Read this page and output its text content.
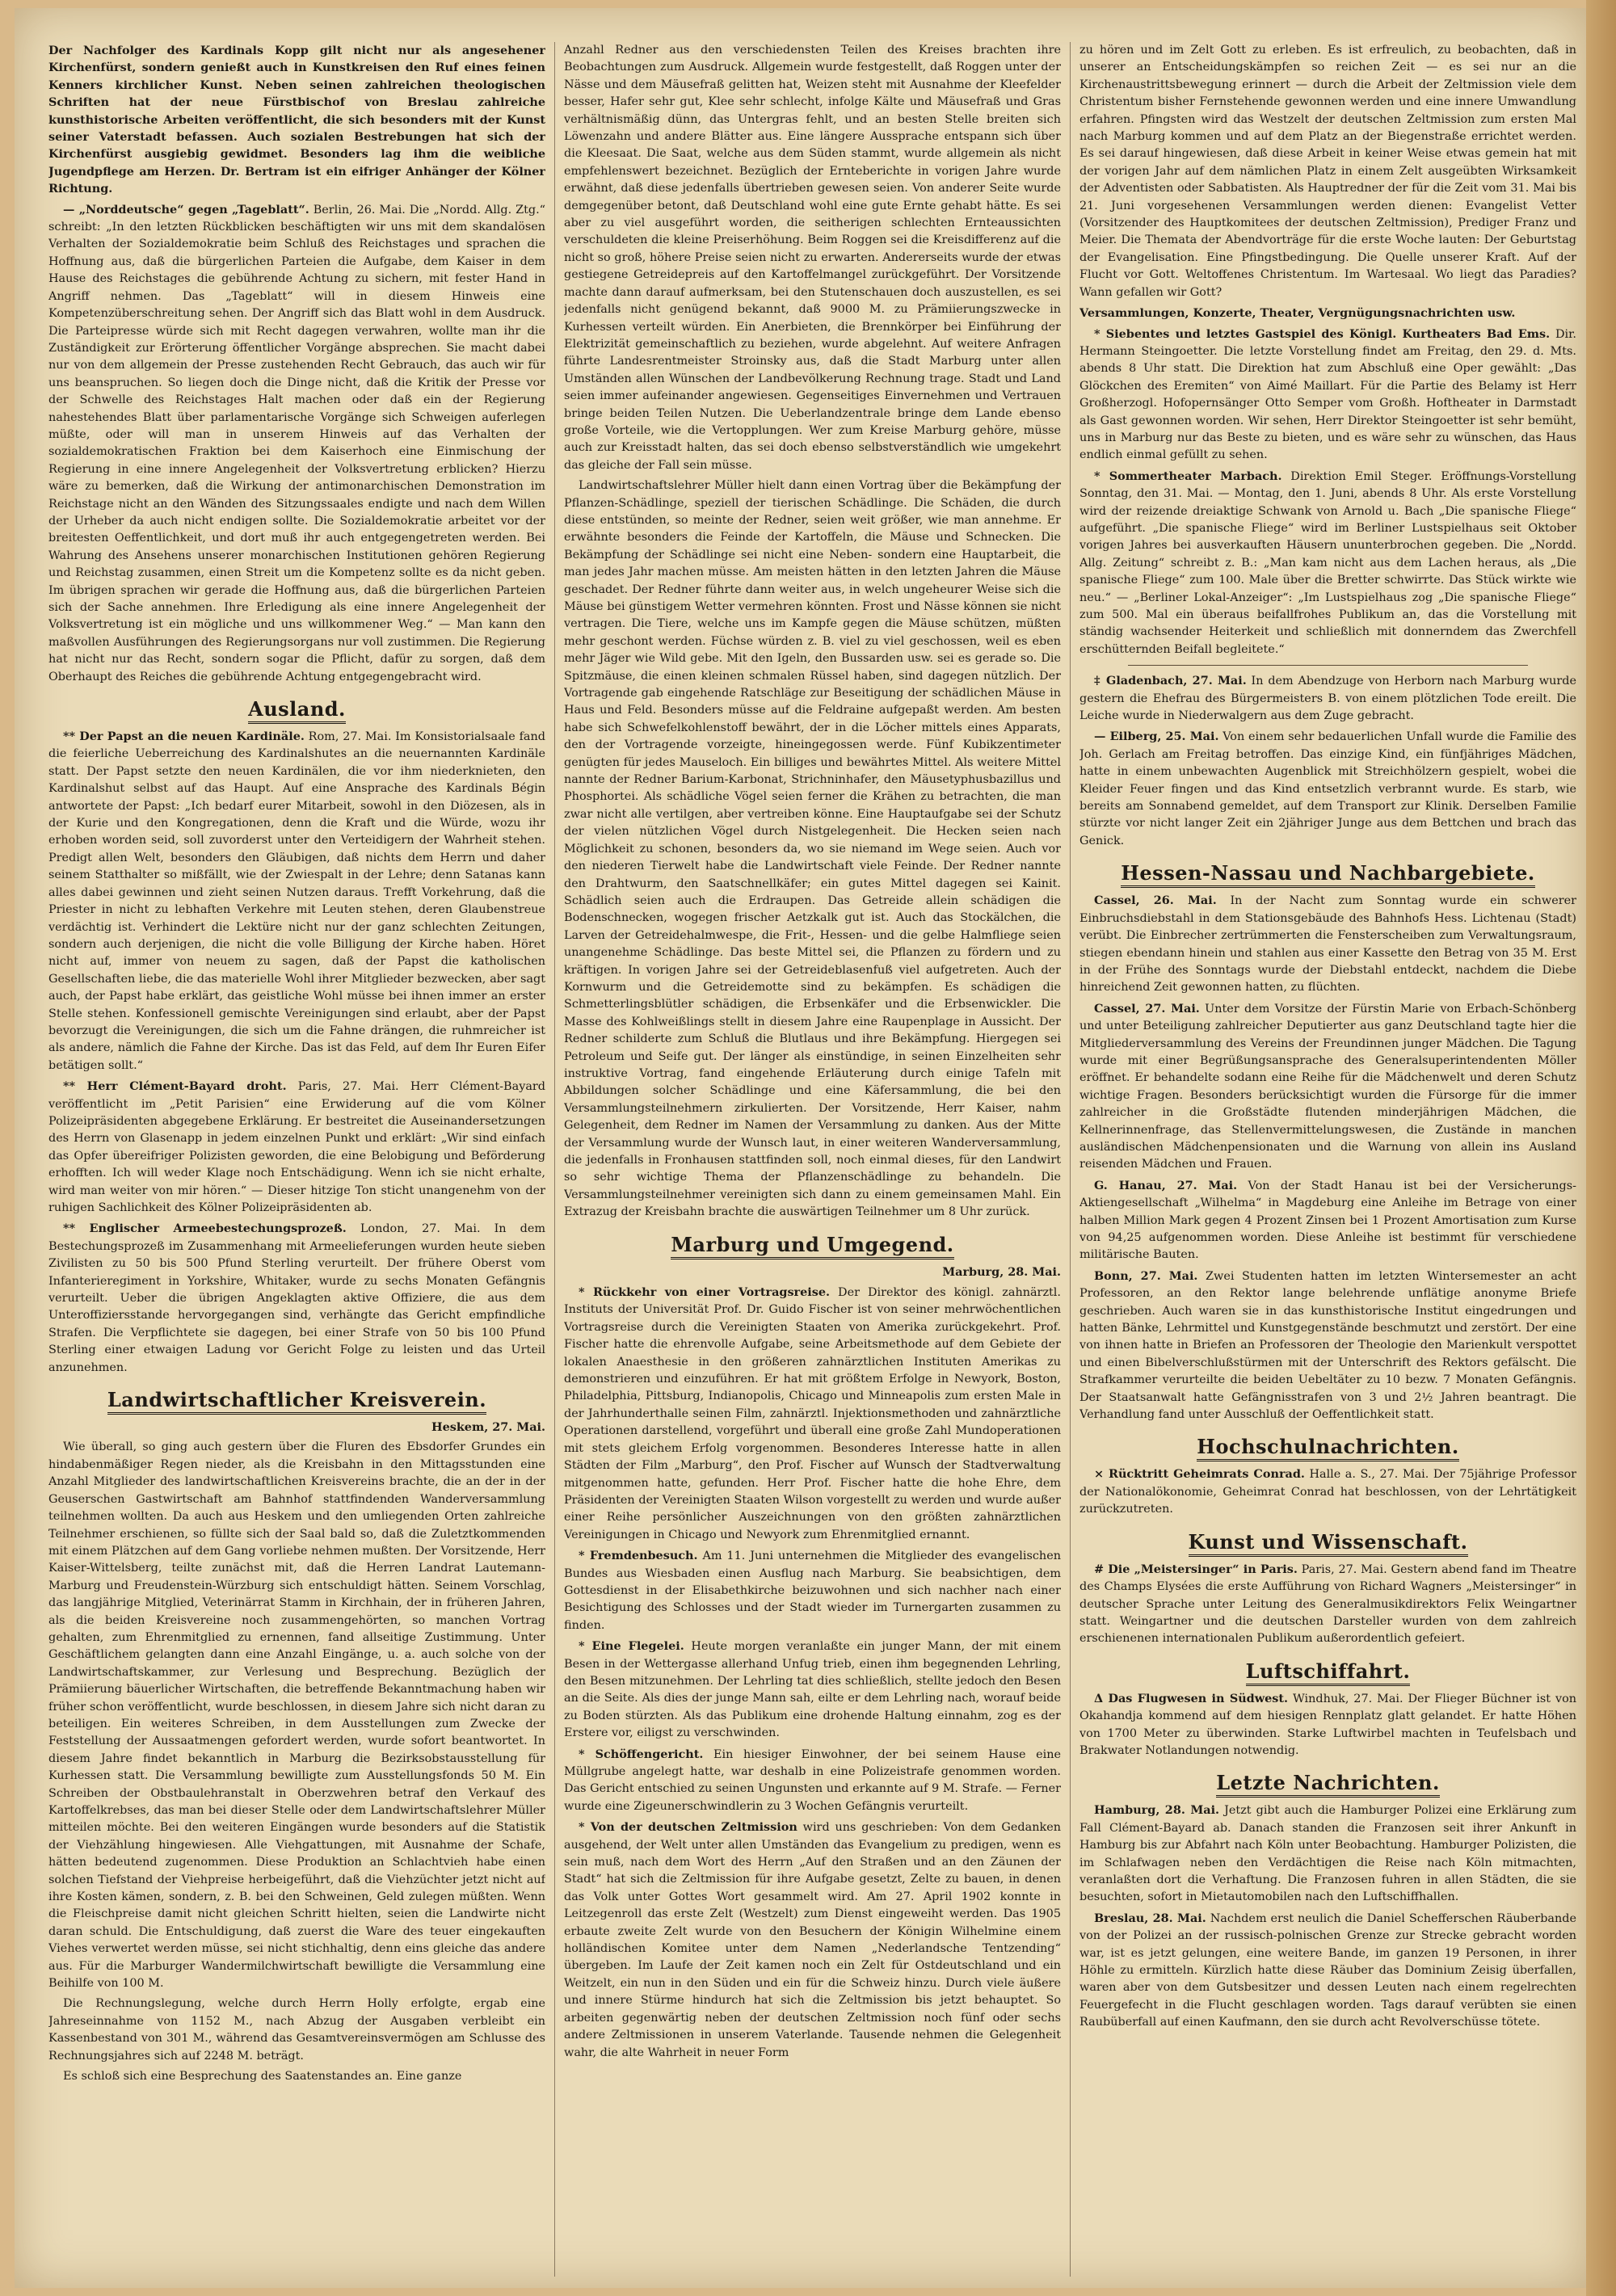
Der Nachfolger des Kardinals Kopp gilt nicht nur als angesehener Kirchenfürst, sondern genießt auch in Kunstkreisen den Ruf eines feinen Kenners kirchlicher Kunst. Neben seinen zahlreichen theologischen Schriften hat der neue Fürstbischof von Breslau zahlreiche kunsthistorische Arbeiten veröffentlicht, die sich besonders mit der Kunst seiner Vaterstadt befassen. Auch sozialen Bestrebungen hat sich der Kirchenfürst ausgiebig gewidmet. Besonders lag ihm die weibliche Jugendpflege am Herzen. Dr. Bertram ist ein eifriger Anhänger der Kölner Richtung.

— „Norddeutsche“ gegen „Tageblatt“. Berlin, 26. Mai. Die „Nordd. Allg. Ztg.“ schreibt: „In den letzten Rückblicken beschäftigten wir uns mit dem skandalösen Verhalten der Sozialdemokratie beim Schluß des Reichstages und sprachen die Hoffnung aus, daß die bürgerlichen Parteien die Aufgabe, dem Kaiser in dem Hause des Reichstages die gebührende Achtung zu sichern, mit fester Hand in Angriff nehmen. Das „Tageblatt“ will in diesem Hinweis eine Kompetenzüberschreitung sehen. Der Angriff sich das Blatt wohl in dem Ausdruck. Die Parteipresse würde sich mit Recht dagegen verwahren, wollte man ihr die Zuständigkeit zur Erörterung öffentlicher Vorgänge absprechen. Sie macht dabei nur von dem allgemein der Presse zustehenden Recht Gebrauch, das auch wir für uns beanspruchen. So liegen doch die Dinge nicht, daß die Kritik der Presse vor der Schwelle des Reichstages Halt machen oder daß ein der Regierung nahestehendes Blatt über parlamentarische Vorgänge sich Schweigen auferlegen müßte, oder will man in unserem Hinweis auf das Verhalten der sozialdemokratischen Fraktion bei dem Kaiserhoch eine Einmischung der Regierung in eine innere Angelegenheit der Volksvertretung erblicken? Hierzu wäre zu bemerken, daß die Wirkung der antimonarchischen Demonstration im Reichstage nicht an den Wänden des Sitzungssaales endigte und nach dem Willen der Urheber da auch nicht endigen sollte. Die Sozialdemokratie arbeitet vor der breitesten Oeffentlichkeit, und dort muß ihr auch entgegengetreten werden. Bei Wahrung des Ansehens unserer monarchischen Institutionen gehören Regierung und Reichstag zusammen, einen Streit um die Kompetenz sollte es da nicht geben. Im übrigen sprachen wir gerade die Hoffnung aus, daß die bürgerlichen Parteien sich der Sache annehmen. Ihre Erledigung als eine innere Angelegenheit der Volksvertretung ist ein mögliche und uns willkommener Weg.“ — Man kann den maßvollen Ausführungen des Regierungsorgans nur voll zustimmen. Die Regierung hat nicht nur das Recht, sondern sogar die Pflicht, dafür zu sorgen, daß dem Oberhaupt des Reiches die gebührende Achtung entgegengebracht wird.

Ausland.

** Der Papst an die neuen Kardinäle. Rom, 27. Mai. Im Konsistorialsaale fand die feierliche Ueberreichung des Kardinalshutes an die neuernannten Kardinäle statt. Der Papst setzte den neuen Kardinälen, die vor ihm niederknieten, den Kardinalshut selbst auf das Haupt. Auf eine Ansprache des Kardinals Bégin antwortete der Papst: „Ich bedarf eurer Mitarbeit, sowohl in den Diözesen, als in der Kurie und den Kongregationen, denn die Kraft und die Würde, wozu ihr erhoben worden seid, soll zuvorderst unter den Verteidigern der Wahrheit stehen. Predigt allen Welt, besonders den Gläubigen, daß nichts dem Herrn und daher seinem Statthalter so mißfällt, wie der Zwiespalt in der Lehre; denn Satanas kann alles dabei gewinnen und zieht seinen Nutzen daraus. Trefft Vorkehrung, daß die Priester in nicht zu lebhaften Verkehre mit Leuten stehen, deren Glaubenstreue verdächtig ist. Verhindert die Lektüre nicht nur der ganz schlechten Zeitungen, sondern auch derjenigen, die nicht die volle Billigung der Kirche haben. Höret nicht auf, immer von neuem zu sagen, daß der Papst die katholischen Gesellschaften liebe, die das materielle Wohl ihrer Mitglieder bezwecken, aber sagt auch, der Papst habe erklärt, das geistliche Wohl müsse bei ihnen immer an erster Stelle stehen. Konfessionell gemischte Vereinigungen sind erlaubt, aber der Papst bevorzugt die Vereinigungen, die sich um die Fahne drängen, die ruhmreicher ist als andere, nämlich die Fahne der Kirche. Das ist das Feld, auf dem Ihr Euren Eifer betätigen sollt.“

** Herr Clément-Bayard droht. Paris, 27. Mai. Herr Clément-Bayard veröffentlicht im „Petit Parisien“ eine Erwiderung auf die vom Kölner Polizeipräsidenten abgegebene Erklärung. Er bestreitet die Auseinandersetzungen des Herrn von Glasenapp in jedem einzelnen Punkt und erklärt: „Wir sind einfach das Opfer übereifriger Polizisten geworden, die eine Belobigung und Beförderung erhofften. Ich will weder Klage noch Entschädigung. Wenn ich sie nicht erhalte, wird man weiter von mir hören.“ — Dieser hitzige Ton sticht unangenehm von der ruhigen Sachlichkeit des Kölner Polizeipräsidenten ab.

** Englischer Armeebestechungsprozeß. London, 27. Mai. In dem Bestechungsprozeß im Zusammenhang mit Armeelieferungen wurden heute sieben Zivilisten zu 50 bis 500 Pfund Sterling verurteilt. Der frühere Oberst vom Infanterieregiment in Yorkshire, Whitaker, wurde zu sechs Monaten Gefängnis verurteilt. Ueber die übrigen Angeklagten aktive Offiziere, die aus dem Unteroffiziersstande hervorgegangen sind, verhängte das Gericht empfindliche Strafen. Die Verpflichtete sie dagegen, bei einer Strafe von 50 bis 100 Pfund Sterling einer etwaigen Ladung vor Gericht Folge zu leisten und das Urteil anzunehmen.

Landwirtschaftlicher Kreisverein.
Heskem, 27. Mai.

Wie überall, so ging auch gestern über die Fluren des Ebsdorfer Grundes ein hindabenmäßiger Regen nieder, als die Kreisbahn in den Mittagsstunden eine Anzahl Mitglieder des landwirtschaftlichen Kreisvereins brachte, die an der in der Geuserschen Gastwirtschaft am Bahnhof stattfindenden Wanderversammlung teilnehmen wollten. Da auch aus Heskem und den umliegenden Orten zahlreiche Teilnehmer erschienen, so füllte sich der Saal bald so, daß die Zuletztkommenden mit einem Plätzchen auf dem Gang vorliebe nehmen mußten. Der Vorsitzende, Herr Kaiser-Wittelsberg, teilte zunächst mit, daß die Herren Landrat Lautemann-Marburg und Freudenstein-Würzburg sich entschuldigt hätten. Seinem Vorschlag, das langjährige Mitglied, Veterinärrat Stamm in Kirchhain, der in früheren Jahren, als die beiden Kreisvereine noch zusammengehörten, so manchen Vortrag gehalten, zum Ehrenmitglied zu ernennen, fand allseitige Zustimmung. Unter Geschäftlichem gelangten dann eine Anzahl Eingänge, u. a. auch solche von der Landwirtschaftskammer, zur Verlesung und Besprechung. Bezüglich der Prämiierung bäuerlicher Wirtschaften, die betreffende Bekanntmachung haben wir früher schon veröffentlicht, wurde beschlossen, in diesem Jahre sich nicht daran zu beteiligen. Ein weiteres Schreiben, in dem Ausstellungen zum Zwecke der Feststellung der Aussaatmengen gefordert werden, wurde sofort beantwortet. In diesem Jahre findet bekanntlich in Marburg die Bezirksobstausstellung für Kurhessen statt. Die Versammlung bewilligte zum Ausstellungsfonds 50 M. Ein Schreiben der Obstbaulehranstalt in Oberzwehren betraf den Verkauf des Kartoffelkrebses, das man bei dieser Stelle oder dem Landwirtschaftslehrer Müller mitteilen möchte. Bei den weiteren Eingängen wurde besonders auf die Statistik der Viehzählung hingewiesen. Alle Viehgattungen, mit Ausnahme der Schafe, hätten bedeutend zugenommen. Diese Produktion an Schlachtvieh habe einen solchen Tiefstand der Viehpreise herbeigeführt, daß die Viehzüchter jetzt nicht auf ihre Kosten kämen, sondern, z. B. bei den Schweinen, Geld zulegen müßten. Wenn die Fleischpreise damit nicht gleichen Schritt hielten, seien die Landwirte nicht daran schuld. Die Entschuldigung, daß zuerst die Ware des teuer eingekauften Viehes verwertet werden müsse, sei nicht stichhaltig, denn eins gleiche das andere aus. Für die Marburger Wandermilchwirtschaft bewilligte die Versammlung eine Beihilfe von 100 M.

Die Rechnungslegung, welche durch Herrn Holly erfolgte, ergab eine Jahreseinnahme von 1152 M., nach Abzug der Ausgaben verbleibt ein Kassenbestand von 301 M., während das Gesamtvereinsvermögen am Schlusse des Rechnungsjahres sich auf 2248 M. beträgt.

Es schloß sich eine Besprechung des Saatenstandes an. Eine ganze

Anzahl Redner aus den verschiedensten Teilen des Kreises brachten ihre Beobachtungen zum Ausdruck. Allgemein wurde festgestellt, daß Roggen unter der Nässe und dem Mäusefraß gelitten hat, Weizen steht mit Ausnahme der Kleefelder besser, Hafer sehr gut, Klee sehr schlecht, infolge Kälte und Mäusefraß und Gras verhältnismäßig dünn, das Untergras fehlt, und an besten Stelle breiten sich Löwenzahn und andere Blätter aus. Eine längere Aussprache entspann sich über die Kleesaat. Die Saat, welche aus dem Süden stammt, wurde allgemein als nicht empfehlenswert bezeichnet. Bezüglich der Ernteberichte in vorigen Jahre wurde erwähnt, daß diese jedenfalls übertrieben gewesen seien. Von anderer Seite wurde demgegenüber betont, daß Deutschland wohl eine gute Ernte gehabt hätte. Es sei aber zu viel ausgeführt worden, die seitherigen schlechten Ernteaussichten verschuldeten die kleine Preiserhöhung. Beim Roggen sei die Kreisdifferenz auf die nicht so groß, höhere Preise seien nicht zu erwarten. Andererseits wurde der etwas gestiegene Getreidepreis auf den Kartoffelmangel zurückgeführt. Der Vorsitzende machte dann darauf aufmerksam, bei den Stutenschauen doch auszustellen, es sei jedenfalls nicht genügend bekannt, daß 9000 M. zu Prämiierungszwecke in Kurhessen verteilt würden. Ein Anerbieten, die Brennkörper bei Einführung der Elektrizität gemeinschaftlich zu beziehen, wurde abgelehnt. Auf weitere Anfragen führte Landesrentmeister Stroinsky aus, daß die Stadt Marburg unter allen Umständen allen Wünschen der Landbevölkerung Rechnung trage. Stadt und Land seien immer aufeinander angewiesen. Gegenseitiges Einvernehmen und Vertrauen bringe beiden Teilen Nutzen. Die Ueberlandzentrale bringe dem Lande ebenso große Vorteile, wie die Vertopplungen. Wer zum Kreise Marburg gehöre, müsse auch zur Kreisstadt halten, das sei doch ebenso selbstverständlich wie umgekehrt das gleiche der Fall sein müsse.

Landwirtschaftslehrer Müller hielt dann einen Vortrag über die Bekämpfung der Pflanzen-Schädlinge, speziell der tierischen Schädlinge. Die Schäden, die durch diese entstünden, so meinte der Redner, seien weit größer, wie man annehme. Er erwähnte besonders die Feinde der Kartoffeln, die Mäuse und Schnecken. Die Bekämpfung der Schädlinge sei nicht eine Neben- sondern eine Hauptarbeit, die man jedes Jahr machen müsse. Am meisten hätten in den letzten Jahren die Mäuse geschadet. Der Redner führte dann weiter aus, in welch ungeheurer Weise sich die Mäuse bei günstigem Wetter vermehren könnten. Frost und Nässe können sie nicht vertragen. Die Tiere, welche uns im Kampfe gegen die Mäuse schützen, müßten mehr geschont werden. Füchse würden z. B. viel zu viel geschossen, weil es eben mehr Jäger wie Wild gebe. Mit den Igeln, den Bussarden usw. sei es gerade so. Die Spitzmäuse, die einen kleinen schmalen Rüssel haben, sind dagegen nützlich. Der Vortragende gab eingehende Ratschläge zur Beseitigung der schädlichen Mäuse in Haus und Feld. Besonders müsse auf die Feldraine aufgepaßt werden. Am besten habe sich Schwefelkohlenstoff bewährt, der in die Löcher mittels eines Apparats, den der Vortragende vorzeigte, hineingegossen werde. Fünf Kubikzentimeter genügten für jedes Mauseloch. Ein billiges und bewährtes Mittel. Als weitere Mittel nannte der Redner Barium-Karbonat, Strichninhafer, den Mäusetyphusbazillus und Phosphortei. Als schädliche Vögel seien ferner die Krähen zu betrachten, die man zwar nicht alle vertilgen, aber vertreiben könne. Eine Hauptaufgabe sei der Schutz der vielen nützlichen Vögel durch Nistgelegenheit. Die Hecken seien nach Möglichkeit zu schonen, besonders da, wo sie niemand im Wege seien. Auch vor den niederen Tierwelt habe die Landwirtschaft viele Feinde. Der Redner nannte den Drahtwurm, den Saatschnellkäfer; ein gutes Mittel dagegen sei Kainit. Schädlich seien auch die Erdraupen. Das Getreide allein schädigen die Bodenschnecken, wogegen frischer Aetzkalk gut ist. Auch das Stockälchen, die Larven der Getreidehalmwespe, die Frit-, Hessen- und die gelbe Halmfliege seien unangenehme Schädlinge. Das beste Mittel sei, die Pflanzen zu fördern und zu kräftigen. In vorigen Jahre sei der Getreideblasenfuß viel aufgetreten. Auch der Kornwurm und die Getreidemotte sind zu bekämpfen. Es schädigen die Schmetterlingsblütler schädigen, die Erbsenkäfer und die Erbsenwickler. Die Masse des Kohlweißlings stellt in diesem Jahre eine Raupenplage in Aussicht. Der Redner schilderte zum Schluß die Blutlaus und ihre Bekämpfung. Hiergegen sei Petroleum und Seife gut. Der länger als einstündige, in seinen Einzelheiten sehr instruktive Vortrag, fand eingehende Erläuterung durch einige Tafeln mit Abbildungen solcher Schädlinge und eine Käfersammlung, die bei den Versammlungsteilnehmern zirkulierten. Der Vorsitzende, Herr Kaiser, nahm Gelegenheit, dem Redner im Namen der Versammlung zu danken. Aus der Mitte der Versammlung wurde der Wunsch laut, in einer weiteren Wanderversammlung, die jedenfalls in Fronhausen stattfinden soll, noch einmal dieses, für den Landwirt so sehr wichtige Thema der Pflanzenschädlinge zu behandeln. Die Versammlungsteilnehmer vereinigten sich dann zu einem gemeinsamen Mahl. Ein Extrazug der Kreisbahn brachte die auswärtigen Teilnehmer um 8 Uhr zurück.

Marburg und Umgegend.
Marburg, 28. Mai.

* Rückkehr von einer Vortragsreise. Der Direktor des königl. zahnärztl. Instituts der Universität Prof. Dr. Guido Fischer ist von seiner mehrwöchentlichen Vortragsreise durch die Vereinigten Staaten von Amerika zurückgekehrt. Prof. Fischer hatte die ehrenvolle Aufgabe, seine Arbeitsmethode auf dem Gebiete der lokalen Anaesthesie in den größeren zahnärztlichen Instituten Amerikas zu demonstrieren und einzuführen. Er hat mit größtem Erfolge in Newyork, Boston, Philadelphia, Pittsburg, Indianopolis, Chicago und Minneapolis zum ersten Male in der Jahrhunderthalle seinen Film, zahnärztl. Injektionsmethoden und zahnärztliche Operationen darstellend, vorgeführt und überall eine große Zahl Mundoperationen mit stets gleichem Erfolg vorgenommen. Besonderes Interesse hatte in allen Städten der Film „Marburg“, den Prof. Fischer auf Wunsch der Stadtverwaltung mitgenommen hatte, gefunden. Herr Prof. Fischer hatte die hohe Ehre, dem Präsidenten der Vereinigten Staaten Wilson vorgestellt zu werden und wurde außer einer Reihe persönlicher Auszeichnungen von den größten zahnärztlichen Vereinigungen in Chicago und Newyork zum Ehrenmitglied ernannt.

* Fremdenbesuch. Am 11. Juni unternehmen die Mitglieder des evangelischen Bundes aus Wiesbaden einen Ausflug nach Marburg. Sie beabsichtigen, dem Gottesdienst in der Elisabethkirche beizuwohnen und sich nachher nach einer Besichtigung des Schlosses und der Stadt wieder im Turnergarten zusammen zu finden.

* Eine Flegelei. Heute morgen veranlaßte ein junger Mann, der mit einem Besen in der Wettergasse allerhand Unfug trieb, einen ihm begegnenden Lehrling, den Besen mitzunehmen. Der Lehrling tat dies schließlich, stellte jedoch den Besen an die Seite. Als dies der junge Mann sah, eilte er dem Lehrling nach, worauf beide zu Boden stürzten. Als das Publikum eine drohende Haltung einnahm, zog es der Erstere vor, eiligst zu verschwinden.

* Schöffengericht. Ein hiesiger Einwohner, der bei seinem Hause eine Müllgrube angelegt hatte, war deshalb in eine Polizeistrafe genommen worden. Das Gericht entschied zu seinen Ungunsten und erkannte auf 9 M. Strafe. — Ferner wurde eine Zigeunerschwindlerin zu 3 Wochen Gefängnis verurteilt.

* Von der deutschen Zeltmission wird uns geschrieben: Von dem Gedanken ausgehend, der Welt unter allen Umständen das Evangelium zu predigen, wenn es sein muß, nach dem Wort des Herrn „Auf den Straßen und an den Zäunen der Stadt“ hat sich die Zeltmission für ihre Aufgabe gesetzt, Zelte zu bauen, in denen das Volk unter Gottes Wort gesammelt wird. Am 27. April 1902 konnte in Leitzegenroll das erste Zelt (Westzelt) zum Dienst eingeweiht werden. Das 1905 erbaute zweite Zelt wurde von den Besuchern der Königin Wilhelmine einem holländischen Komitee unter dem Namen „Nederlandsche Tentzending“ übergeben. Im Laufe der Zeit kamen noch ein Zelt für Ostdeutschland und ein Weitzelt, ein nun in den Süden und ein für die Schweiz hinzu. Durch viele äußere und innere Stürme hindurch hat sich die Zeltmission bis jetzt behauptet. So arbeiten gegenwärtig neben der deutschen Zeltmission noch fünf oder sechs andere Zeltmissionen in unserem Vaterlande. Tausende nehmen die Gelegenheit wahr, die alte Wahrheit in neuer Form

zu hören und im Zelt Gott zu erleben. Es ist erfreulich, zu beobachten, daß in unserer an Entscheidungskämpfen so reichen Zeit — es sei nur an die Kirchenaustrittsbewegung erinnert — durch die Arbeit der Zeltmission viele dem Christentum bisher Fernstehende gewonnen werden und eine innere Umwandlung erfahren. Pfingsten wird das Westzelt der deutschen Zeltmission zum ersten Mal nach Marburg kommen und auf dem Platz an der Biegenstraße errichtet werden. Es sei darauf hingewiesen, daß diese Arbeit in keiner Weise etwas gemein hat mit der vorigen Jahr auf dem nämlichen Platz in einem Zelt ausgeübten Wirksamkeit der Adventisten oder Sabbatisten. Als Hauptredner der für die Zeit vom 31. Mai bis 21. Juni vorgesehenen Versammlungen werden dienen: Evangelist Vetter (Vorsitzender des Hauptkomitees der deutschen Zeltmission), Prediger Franz und Meier. Die Themata der Abendvorträge für die erste Woche lauten: Der Geburtstag der Evangelisation. Eine Pfingstbedingung. Die Quelle unserer Kraft. Auf der Flucht vor Gott. Weltoffenes Christentum. Im Wartesaal. Wo liegt das Paradies? Wann gefallen wir Gott?

Versammlungen, Konzerte, Theater, Vergnügungsnachrichten usw.

* Siebentes und letztes Gastspiel des Königl. Kurtheaters Bad Ems. Dir. Hermann Steingoetter. Die letzte Vorstellung findet am Freitag, den 29. d. Mts. abends 8 Uhr statt. Die Direktion hat zum Abschluß eine Oper gewählt: „Das Glöckchen des Eremiten“ von Aimé Maillart. Für die Partie des Belamy ist Herr Großherzogl. Hofopernsänger Otto Semper vom Großh. Hoftheater in Darmstadt als Gast gewonnen worden. Wir sehen, Herr Direktor Steingoetter ist sehr bemüht, uns in Marburg nur das Beste zu bieten, und es wäre sehr zu wünschen, das Haus endlich einmal gefüllt zu sehen.

* Sommertheater Marbach. Direktion Emil Steger. Eröffnungs-Vorstellung Sonntag, den 31. Mai. — Montag, den 1. Juni, abends 8 Uhr. Als erste Vorstellung wird der reizende dreiaktige Schwank von Arnold u. Bach „Die spanische Fliege“ aufgeführt. „Die spanische Fliege“ wird im Berliner Lustspielhaus seit Oktober vorigen Jahres bei ausverkauften Häusern ununterbrochen gegeben. Die „Nordd. Allg. Zeitung“ schreibt z. B.: „Man kam nicht aus dem Lachen heraus, als „Die spanische Fliege“ zum 100. Male über die Bretter schwirrte. Das Stück wirkte wie neu.“ — „Berliner Lokal-Anzeiger“: „Im Lustspielhaus zog „Die spanische Fliege“ zum 500. Mal ein überaus beifallfrohes Publikum an, das die Vorstellung mit ständig wachsender Heiterkeit und schließlich mit donnerndem das Zwerchfell erschütternden Beifall begleitete.“

‡ Gladenbach, 27. Mai. In dem Abendzuge von Herborn nach Marburg wurde gestern die Ehefrau des Bürgermeisters B. von einem plötzlichen Tode ereilt. Die Leiche wurde in Niederwalgern aus dem Zuge gebracht.

— Eilberg, 25. Mai. Von einem sehr bedauerlichen Unfall wurde die Familie des Joh. Gerlach am Freitag betroffen. Das einzige Kind, ein fünfjähriges Mädchen, hatte in einem unbewachten Augenblick mit Streichhölzern gespielt, wobei die Kleider Feuer fingen und das Kind entsetzlich verbrannt wurde. Es starb, wie bereits am Sonnabend gemeldet, auf dem Transport zur Klinik. Derselben Familie stürzte vor nicht langer Zeit ein 2jähriger Junge aus dem Bettchen und brach das Genick.

Hessen-Nassau und Nachbargebiete.

Cassel, 26. Mai. In der Nacht zum Sonntag wurde ein schwerer Einbruchsdiebstahl in dem Stationsgebäude des Bahnhofs Hess. Lichtenau (Stadt) verübt. Die Einbrecher zertrümmerten die Fensterscheiben zum Verwaltungsraum, stiegen ebendann hinein und stahlen aus einer Kassette den Betrag von 35 M. Erst in der Frühe des Sonntags wurde der Diebstahl entdeckt, nachdem die Diebe hinreichend Zeit gewonnen hatten, zu flüchten.

Cassel, 27. Mai. Unter dem Vorsitze der Fürstin Marie von Erbach-Schönberg und unter Beteiligung zahlreicher Deputierter aus ganz Deutschland tagte hier die Mitgliederversammlung des Vereins der Freundinnen junger Mädchen. Die Tagung wurde mit einer Begrüßungsansprache des Generalsuperintendenten Möller eröffnet. Er behandelte sodann eine Reihe für die Mädchenwelt und deren Schutz wichtige Fragen. Besonders berücksichtigt wurden die Fürsorge für die immer zahlreicher in die Großstädte flutenden minderjährigen Mädchen, die Kellnerinnenfrage, das Stellenvermittelungswesen, die Zustände in manchen ausländischen Mädchenpensionaten und die Warnung von allein ins Ausland reisenden Mädchen und Frauen.

G. Hanau, 27. Mai. Von der Stadt Hanau ist bei der Versicherungs-Aktiengesellschaft „Wilhelma“ in Magdeburg eine Anleihe im Betrage von einer halben Million Mark gegen 4 Prozent Zinsen bei 1 Prozent Amortisation zum Kurse von 94,25 aufgenommen worden. Diese Anleihe ist bestimmt für verschiedene militärische Bauten.

Bonn, 27. Mai. Zwei Studenten hatten im letzten Wintersemester an acht Professoren, an den Rektor lange belehrende unflätige anonyme Briefe geschrieben. Auch waren sie in das kunsthistorische Institut eingedrungen und hatten Bänke, Lehrmittel und Kunstgegenstände beschmutzt und zerstört. Der eine von ihnen hatte in Briefen an Professoren der Theologie den Marienkult verspottet und einen Bibelverschlußstürmen mit der Unterschrift des Rektors gefälscht. Die Strafkammer verurteilte die beiden Uebeltäter zu 10 bezw. 7 Monaten Gefängnis. Der Staatsanwalt hatte Gefängnisstrafen von 3 und 2½ Jahren beantragt. Die Verhandlung fand unter Ausschluß der Oeffentlichkeit statt.

Hochschulnachrichten.

× Rücktritt Geheimrats Conrad. Halle a. S., 27. Mai. Der 75jährige Professor der Nationalökonomie, Geheimrat Conrad hat beschlossen, von der Lehrtätigkeit zurückzutreten.

Kunst und Wissenschaft.

# Die „Meistersinger“ in Paris. Paris, 27. Mai. Gestern abend fand im Theatre des Champs Elysées die erste Aufführung von Richard Wagners „Meistersinger“ in deutscher Sprache unter Leitung des Generalmusikdirektors Felix Weingartner statt. Weingartner und die deutschen Darsteller wurden von dem zahlreich erschienenen internationalen Publikum außerordentlich gefeiert.

Luftschiffahrt.

Δ Das Flugwesen in Südwest. Windhuk, 27. Mai. Der Flieger Büchner ist von Okahandja kommend auf dem hiesigen Rennplatz glatt gelandet. Er hatte Höhen von 1700 Meter zu überwinden. Starke Luftwirbel machten in Teufelsbach und Brakwater Notlandungen notwendig.

Letzte Nachrichten.

Hamburg, 28. Mai. Jetzt gibt auch die Hamburger Polizei eine Erklärung zum Fall Clément-Bayard ab. Danach standen die Franzosen seit ihrer Ankunft in Hamburg bis zur Abfahrt nach Köln unter Beobachtung. Hamburger Polizisten, die im Schlafwagen neben den Verdächtigen die Reise nach Köln mitmachten, veranlaßten dort die Verhaftung. Die Franzosen fuhren in allen Städten, die sie besuchten, sofort in Mietautomobilen nach den Luftschiffhallen.

Breslau, 28. Mai. Nachdem erst neulich die Daniel Schefferschen Räuberbande von der Polizei an der russisch-polnischen Grenze zur Strecke gebracht worden war, ist es jetzt gelungen, eine weitere Bande, im ganzen 19 Personen, in ihrer Höhle zu ermitteln. Kürzlich hatte diese Räuber das Dominium Zeisig überfallen, waren aber von dem Gutsbesitzer und dessen Leuten nach einem regelrechten Feuergefecht in die Flucht geschlagen worden. Tags darauf verübten sie einen Raubüberfall auf einen Kaufmann, den sie durch acht Revolverschüsse tötete.
